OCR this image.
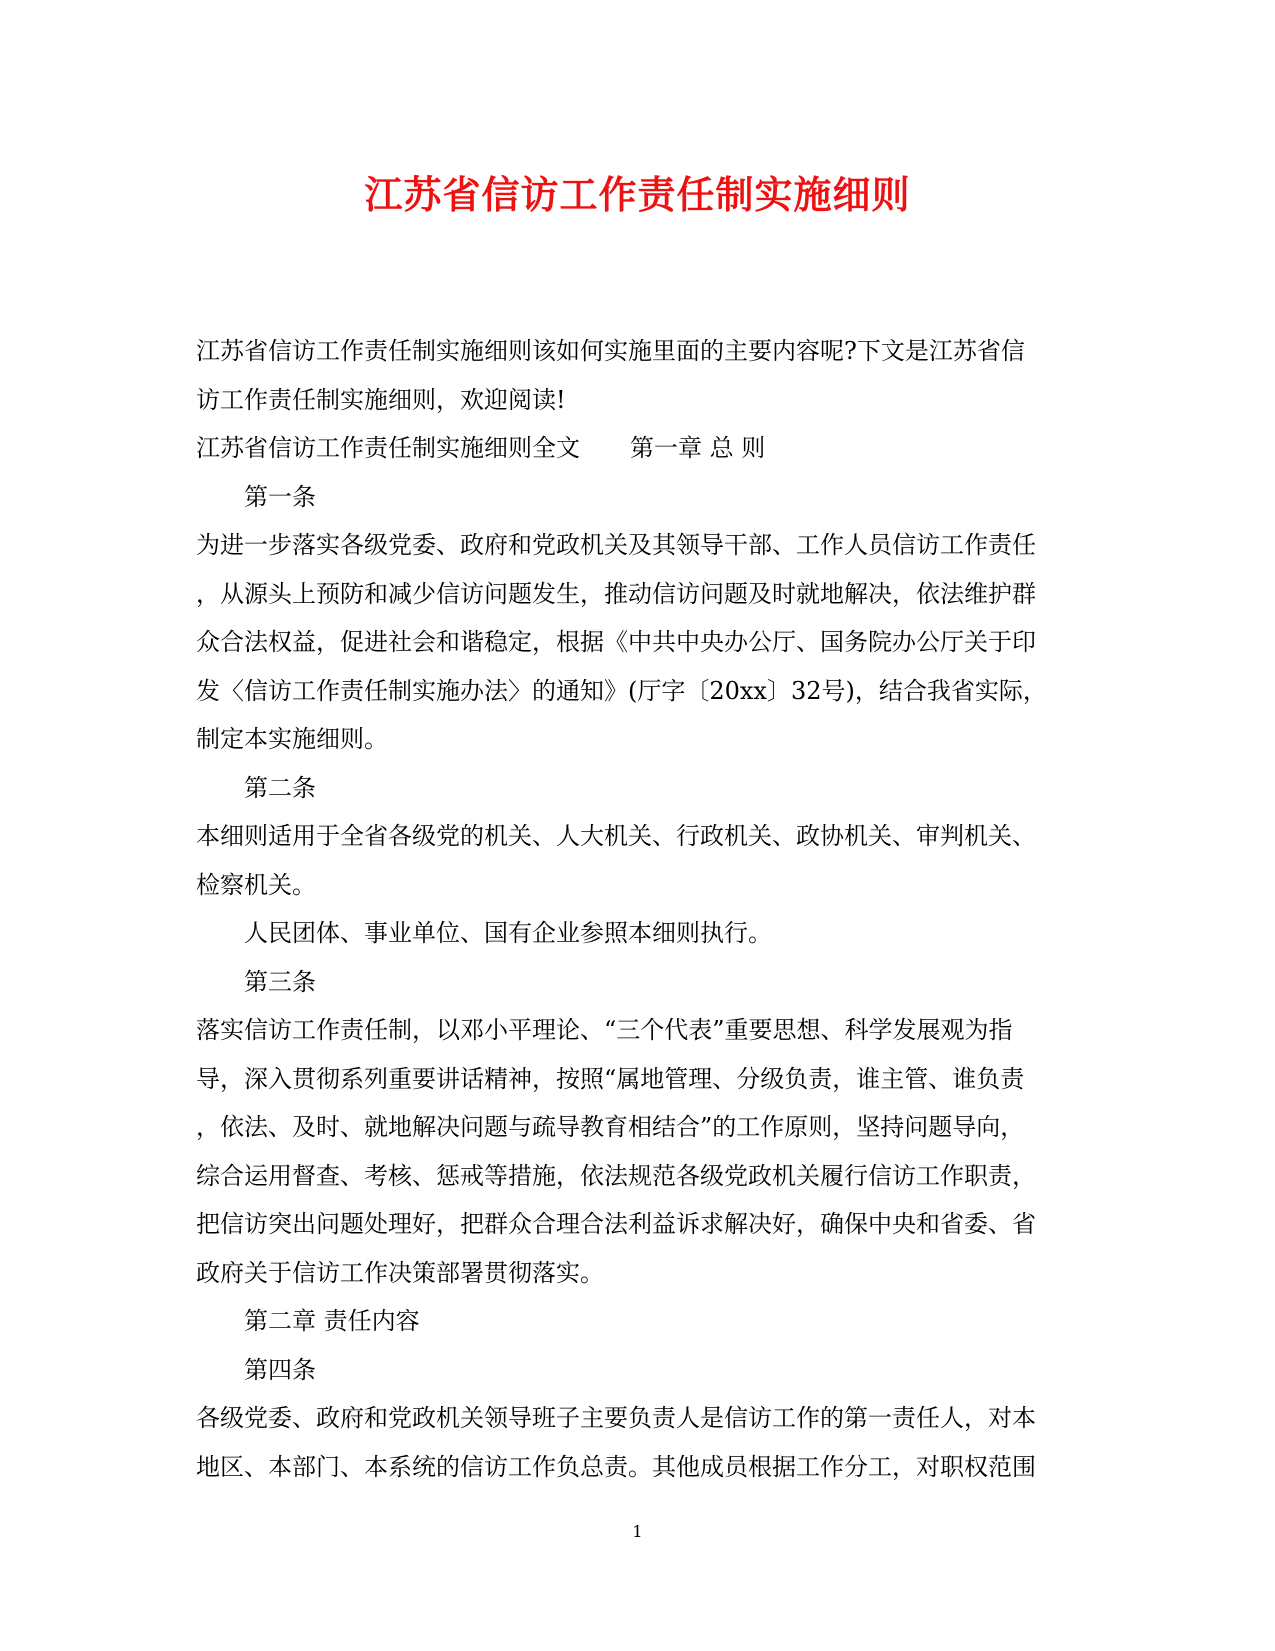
江苏省信访工作责任制实施细则
江苏省信访工作责任制实施细则该如何实施里面的主要内容呢?下文是江苏省信
访工作责任制实施细则，欢迎阅读!
江苏省信访工作责任制实施细则全文 第一章 总 则
第一条
为进一步落实各级党委、政府和党政机关及其领导干部、工作人员信访工作责任
，从源头上预防和减少信访问题发生，推动信访问题及时就地解决，依法维护群
众合法权益，促进社会和谐稳定，根据《中共中央办公厅、国务院办公厅关于印
发〈信访工作责任制实施办法〉的通知》(厅字〔20xx〕32号)，结合我省实际，
制定本实施细则。
第二条
本细则适用于全省各级党的机关、人大机关、行政机关、政协机关、审判机关、
检察机关。
人民团体、事业单位、国有企业参照本细则执行。
第三条
落实信访工作责任制，以邓小平理论、“三个代表”重要思想、科学发展观为指
导，深入贯彻系列重要讲话精神，按照“属地管理、分级负责，谁主管、谁负责
，依法、及时、就地解决问题与疏导教育相结合”的工作原则，坚持问题导向，
综合运用督查、考核、惩戒等措施，依法规范各级党政机关履行信访工作职责，
把信访突出问题处理好，把群众合理合法利益诉求解决好，确保中央和省委、省
政府关于信访工作决策部署贯彻落实。
第二章 责任内容
第四条
各级党委、政府和党政机关领导班子主要负责人是信访工作的第一责任人，对本
地区、本部门、本系统的信访工作负总责。其他成员根据工作分工，对职权范围
1
